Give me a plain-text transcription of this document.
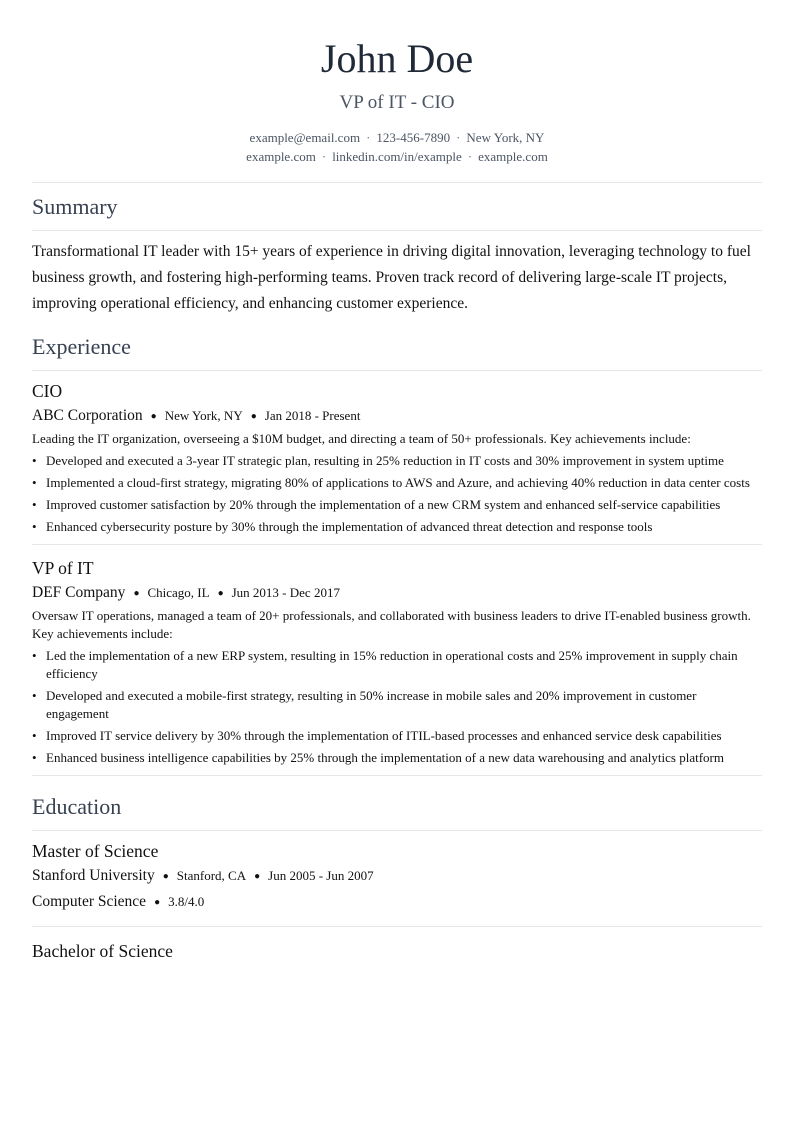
John Doe
VP of IT - CIO
example@email.com · 123-456-7890 · New York, NY
example.com · linkedin.com/in/example · example.com
Summary
Transformational IT leader with 15+ years of experience in driving digital innovation, leveraging technology to fuel business growth, and fostering high-performing teams. Proven track record of delivering large-scale IT projects, improving operational efficiency, and enhancing customer experience.
Experience
CIO
ABC Corporation ● New York, NY ● Jan 2018 - Present
Leading the IT organization, overseeing a $10M budget, and directing a team of 50+ professionals. Key achievements include:
• Developed and executed a 3-year IT strategic plan, resulting in 25% reduction in IT costs and 30% improvement in system uptime
• Implemented a cloud-first strategy, migrating 80% of applications to AWS and Azure, and achieving 40% reduction in data center costs
• Improved customer satisfaction by 20% through the implementation of a new CRM system and enhanced self-service capabilities
• Enhanced cybersecurity posture by 30% through the implementation of advanced threat detection and response tools
VP of IT
DEF Company ● Chicago, IL ● Jun 2013 - Dec 2017
Oversaw IT operations, managed a team of 20+ professionals, and collaborated with business leaders to drive IT-enabled business growth. Key achievements include:
• Led the implementation of a new ERP system, resulting in 15% reduction in operational costs and 25% improvement in supply chain efficiency
• Developed and executed a mobile-first strategy, resulting in 50% increase in mobile sales and 20% improvement in customer engagement
• Improved IT service delivery by 30% through the implementation of ITIL-based processes and enhanced service desk capabilities
• Enhanced business intelligence capabilities by 25% through the implementation of a new data warehousing and analytics platform
Education
Master of Science
Stanford University ● Stanford, CA ● Jun 2005 - Jun 2007
Computer Science ● 3.8/4.0
Bachelor of Science
